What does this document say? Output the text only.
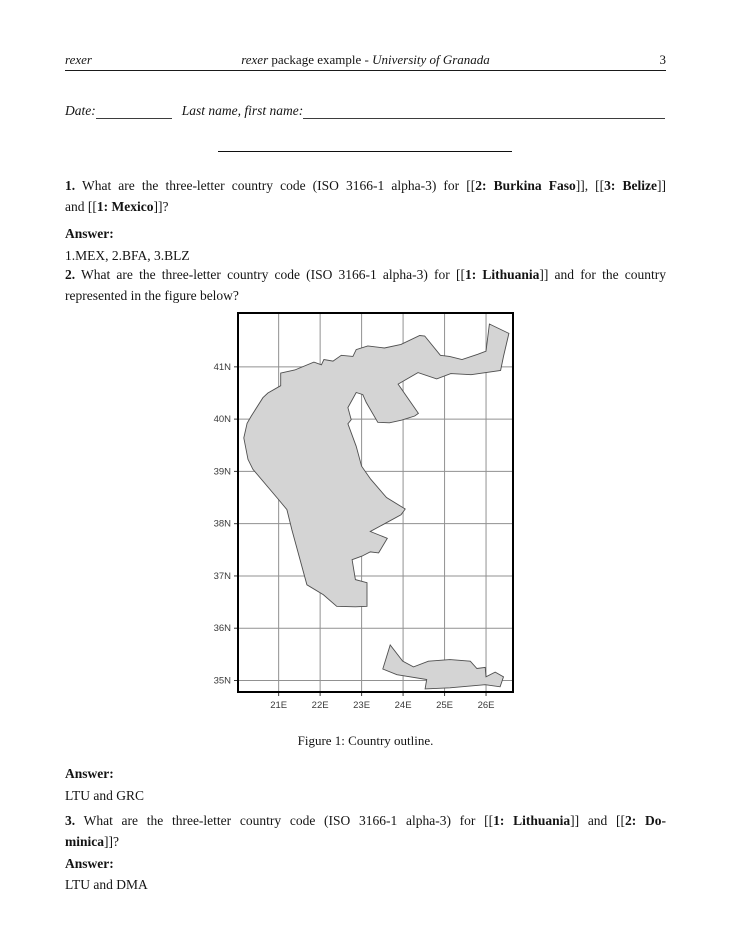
rexer	rexer package example - University of Granada	3
Date:	Last name, first name:
1. What are the three-letter country code (ISO 3166-1 alpha-3) for [[2: Burkina Faso]], [[3: Belize]]
and [[1: Mexico]]?
Answer:
1.MEX, 2.BFA, 3.BLZ
2. What are the three-letter country code (ISO 3166-1 alpha-3) for [[1: Lithuania]] and for the country
represented in the figure below?
21E	22E	23E	24E	25E	26E
41N
40N
39N
38N
37N
36N
35N
Figure 1: Country outline.
Answer:
LTU and GRC
3. What are the three-letter country code (ISO 3166-1 alpha-3) for [[1: Lithuania]] and [[2: Do-
minica]]?
Answer:
LTU and DMA
